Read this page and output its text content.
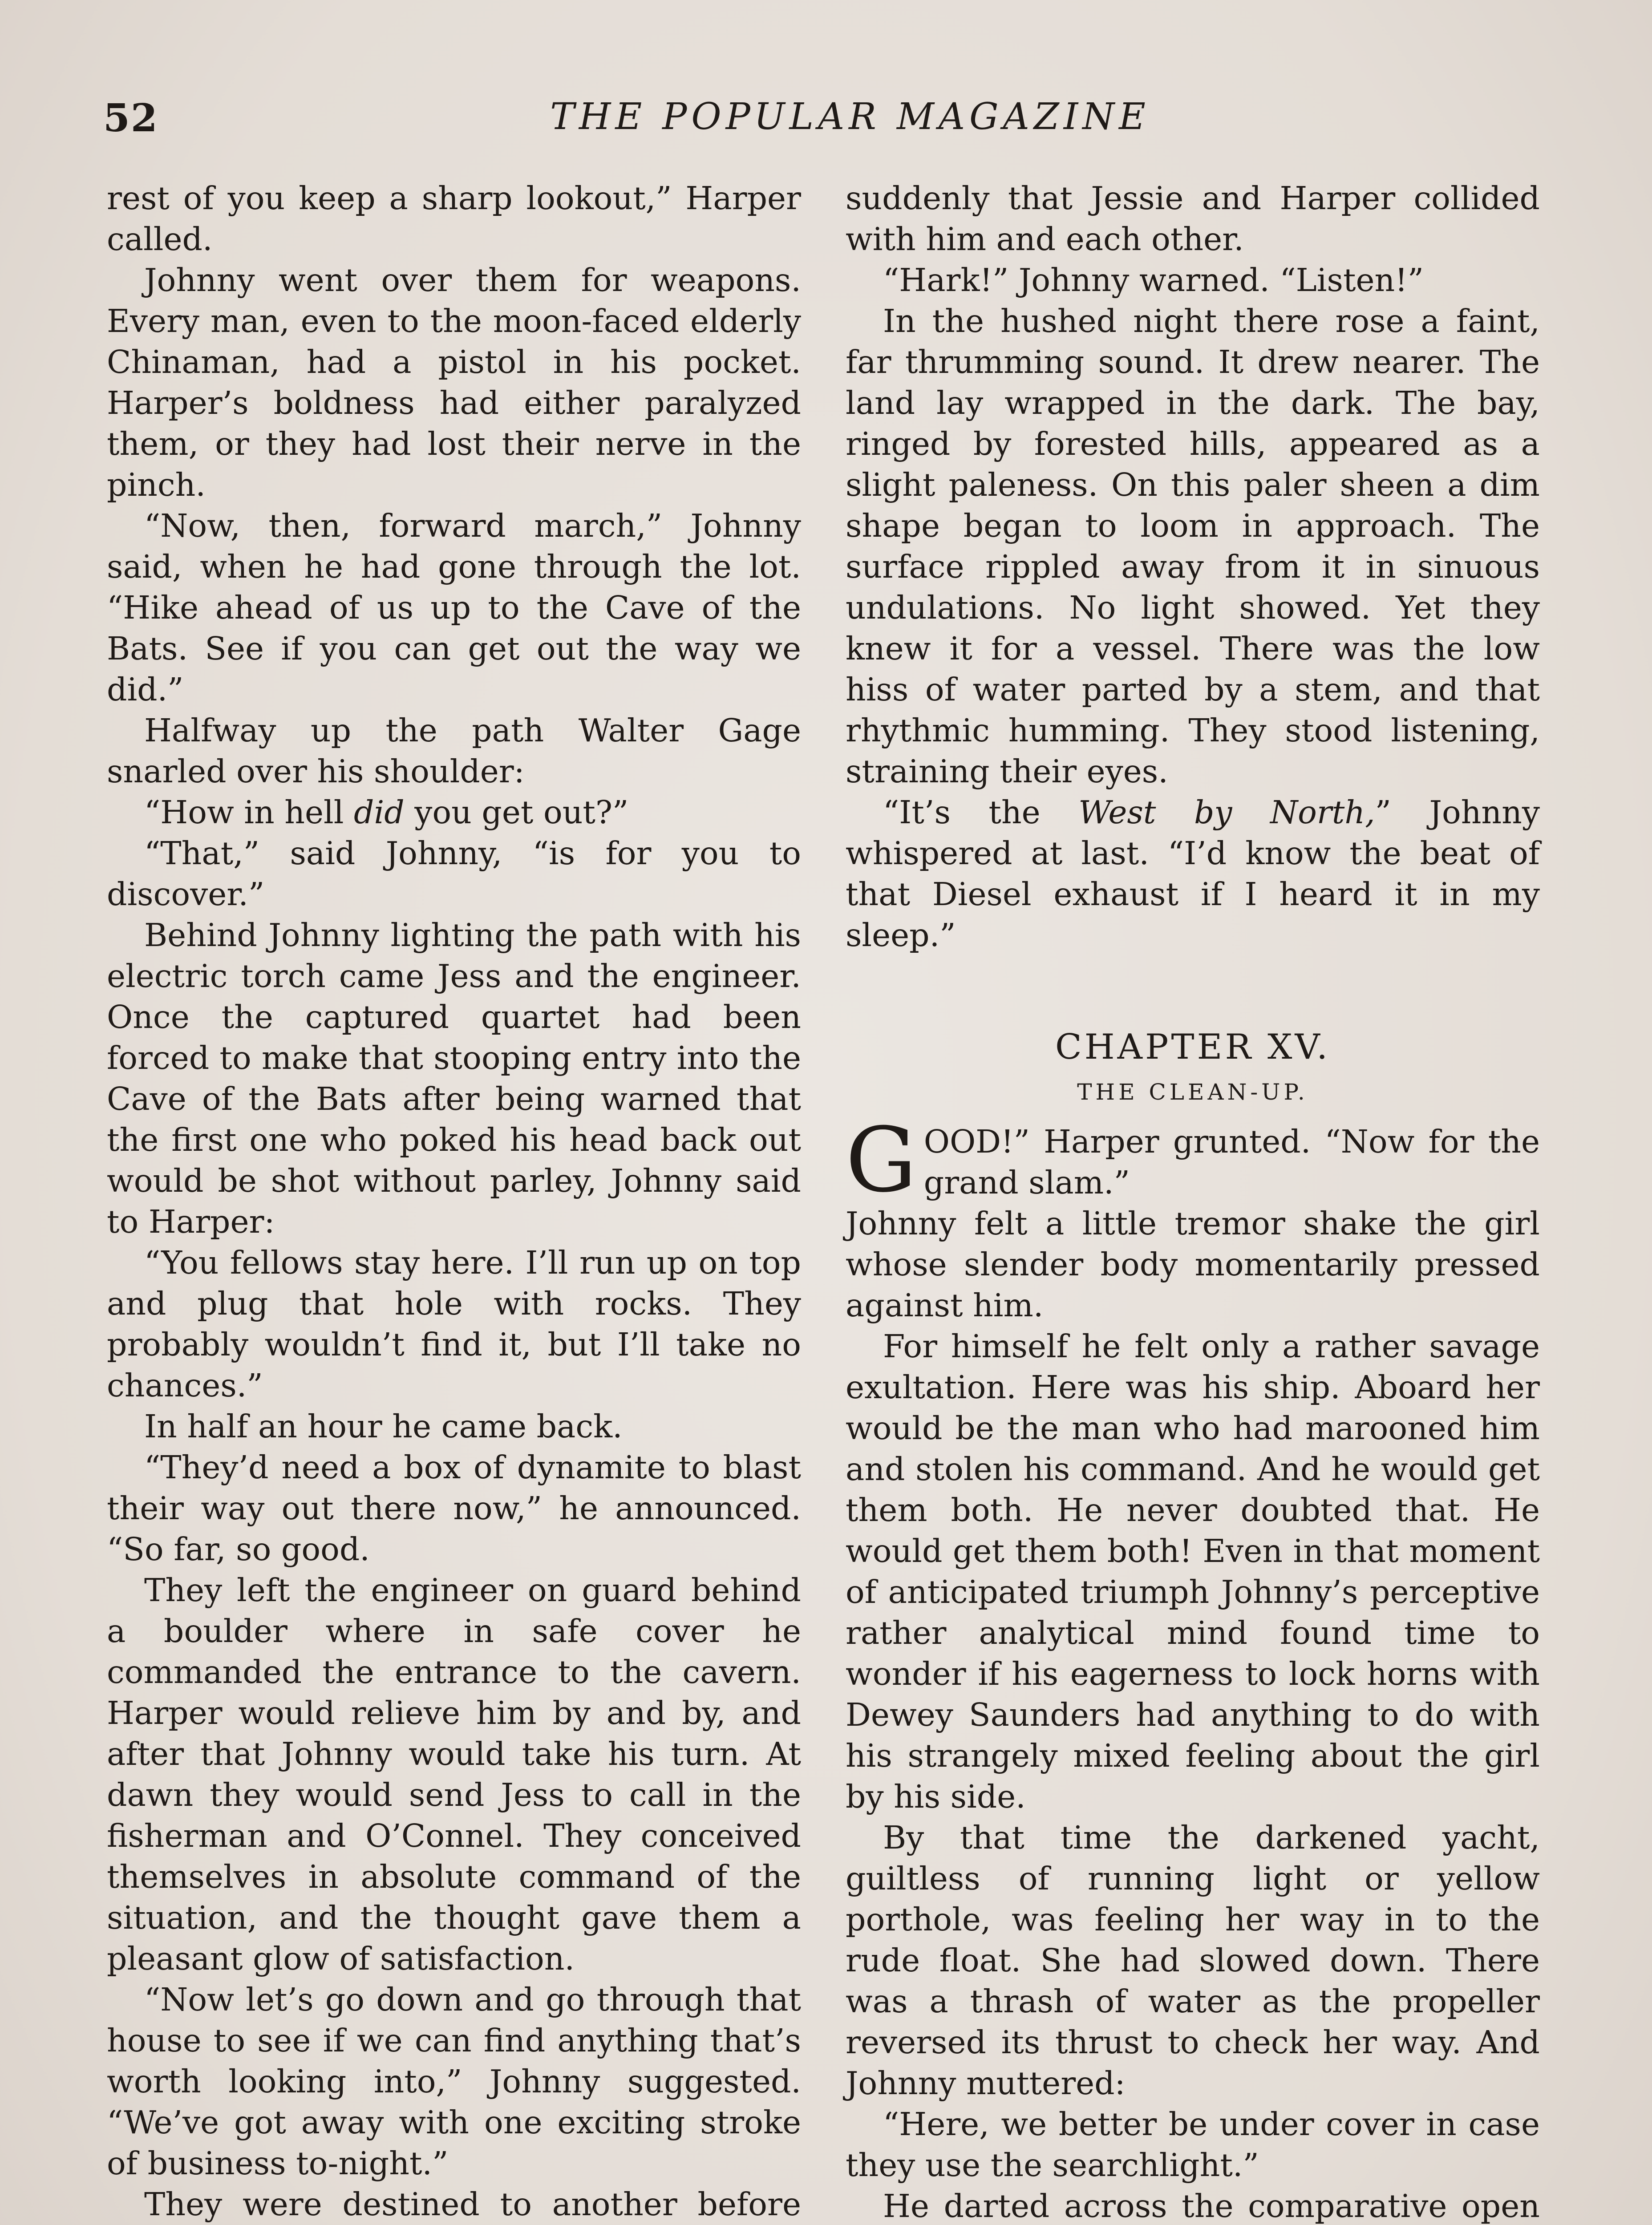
52	THE POPULAR MAGAZINE

rest of you keep a sharp lookout,” Harper called.

Johnny went over them for weapons. Every man, even to the moon-faced elderly Chinaman, had a pistol in his pocket. Harper’s boldness had either paralyzed them, or they had lost their nerve in the pinch.

“Now, then, forward march,” Johnny said, when he had gone through the lot. “Hike ahead of us up to the Cave of the Bats. See if you can get out the way we did.”

Halfway up the path Walter Gage snarled over his shoulder:

“How in hell did you get out?”

“That,” said Johnny, “is for you to discover.”

Behind Johnny lighting the path with his electric torch came Jess and the engineer. Once the captured quartet had been forced to make that stooping entry into the Cave of the Bats after being warned that the first one who poked his head back out would be shot without parley, Johnny said to Harper:

“You fellows stay here. I’ll run up on top and plug that hole with rocks. They probably wouldn’t find it, but I’ll take no chances.”

In half an hour he came back.

“They’d need a box of dynamite to blast their way out there now,” he announced. “So far, so good.

They left the engineer on guard behind a boulder where in safe cover he commanded the entrance to the cavern. Harper would relieve him by and by, and after that Johnny would take his turn. At dawn they would send Jess to call in the fisherman and O’Connel. They conceived themselves in absolute command of the situation, and the thought gave them a pleasant glow of satisfaction.

“Now let’s go down and go through that house to see if we can find anything that’s worth looking into,” Johnny suggested. “We’ve got away with one exciting stroke of business to-night.”

They were destined to another before

suddenly that Jessie and Harper collided with him and each other.

“Hark!” Johnny warned. “Listen!”

In the hushed night there rose a faint, far thrumming sound. It drew nearer. The land lay wrapped in the dark. The bay, ringed by forested hills, appeared as a slight paleness. On this paler sheen a dim shape began to loom in approach. The surface rippled away from it in sinuous undulations. No light showed. Yet they knew it for a vessel. There was the low hiss of water parted by a stem, and that rhythmic humming. They stood listening, straining their eyes.

“It’s the West by North,” Johnny whispered at last. “I’d know the beat of that Diesel exhaust if I heard it in my sleep.”

CHAPTER XV.
THE CLEAN-UP.

GOOD!” Harper grunted. “Now for the grand slam.”

Johnny felt a little tremor shake the girl whose slender body momentarily pressed against him.

For himself he felt only a rather savage exultation. Here was his ship. Aboard her would be the man who had marooned him and stolen his command. And he would get them both. He never doubted that. He would get them both! Even in that moment of anticipated triumph Johnny’s perceptive rather analytical mind found time to wonder if his eagerness to lock horns with Dewey Saunders had anything to do with his strangely mixed feeling about the girl by his side.

By that time the darkened yacht, guiltless of running light or yellow porthole, was feeling her way in to the rude float. She had slowed down. There was a thrash of water as the propeller reversed its thrust to check her way. And Johnny muttered:

“Here, we better be under cover in case they use the searchlight.”

He darted across the comparative open
